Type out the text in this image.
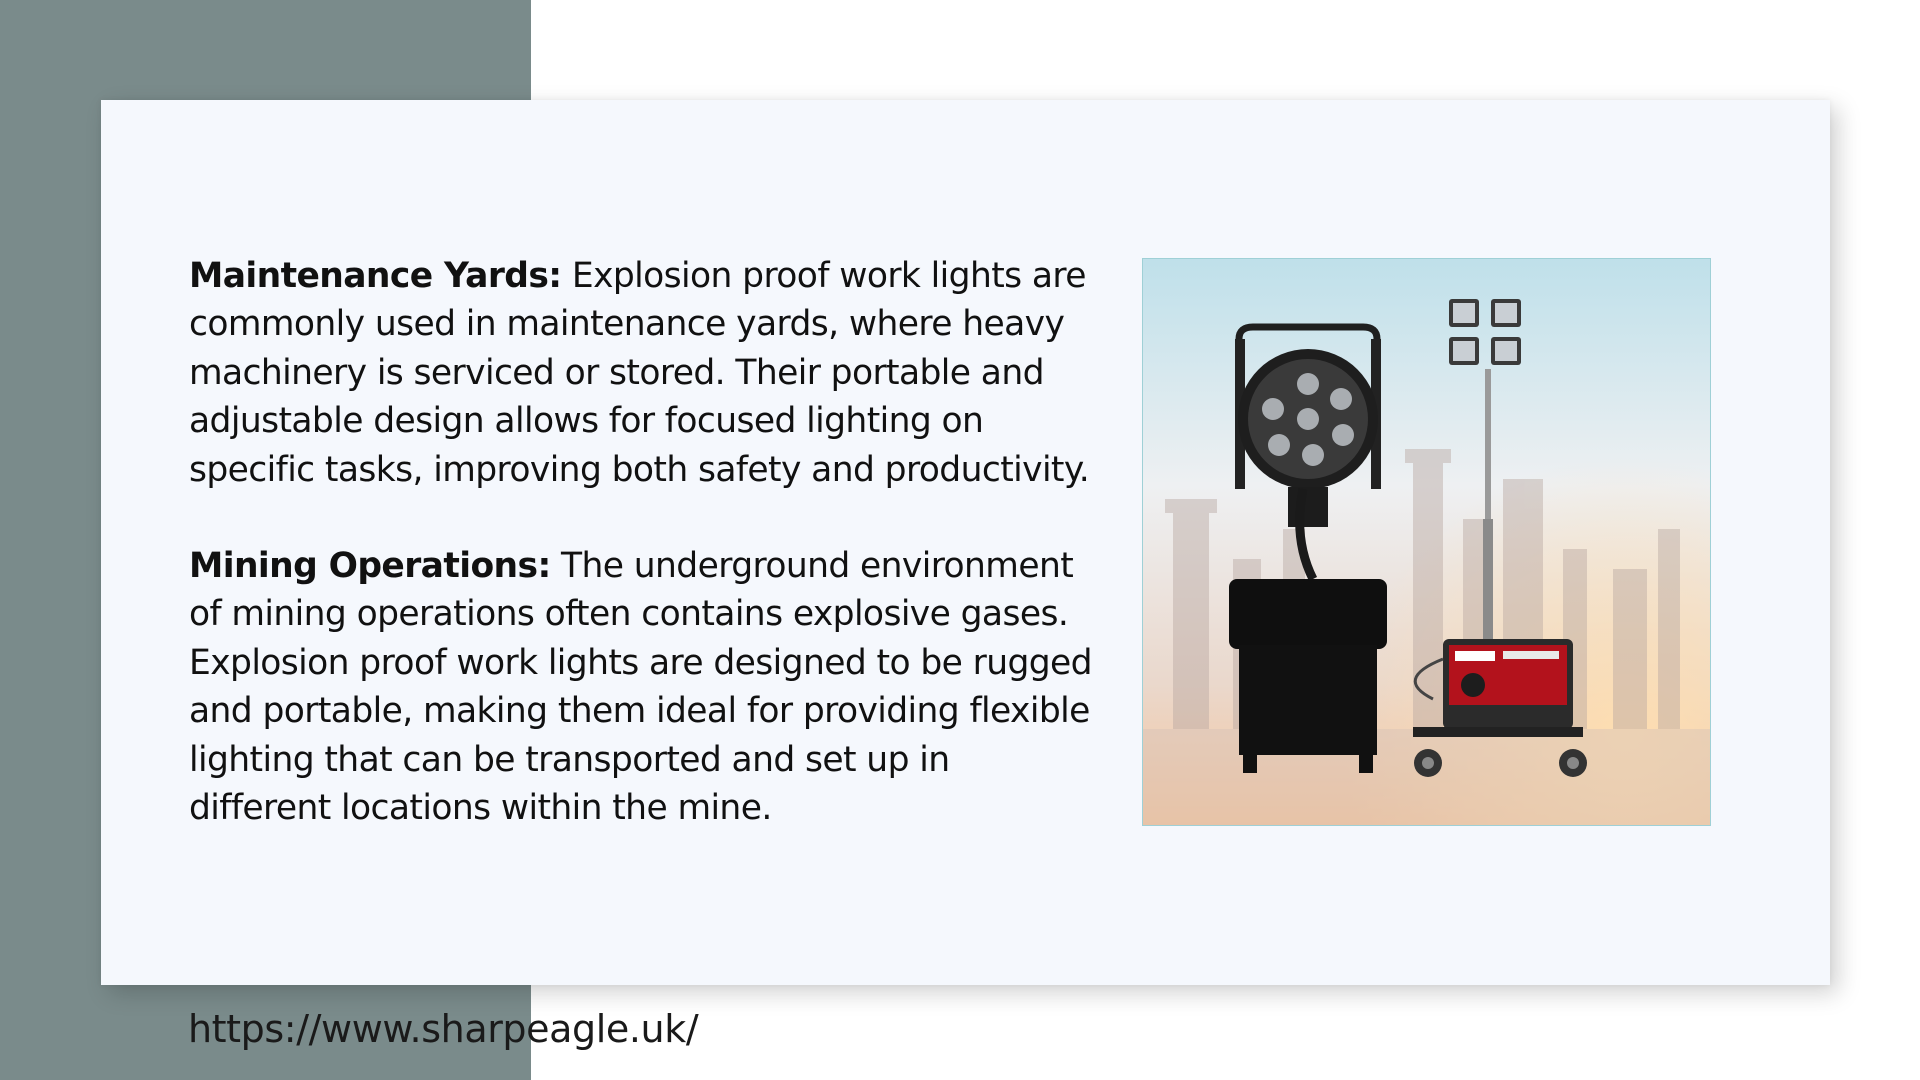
Maintenance Yards: Explosion proof work lights are commonly used in maintenance yards, where heavy machinery is serviced or stored. Their portable and adjustable design allows for focused lighting on specific tasks, improving both safety and productivity.

Mining Operations: The underground environment of mining operations often contains explosive gases. Explosion proof work lights are designed to be rugged and portable, making them ideal for providing flexible lighting that can be transported and set up in different locations within the mine.

https://www.sharpeagle.uk/
